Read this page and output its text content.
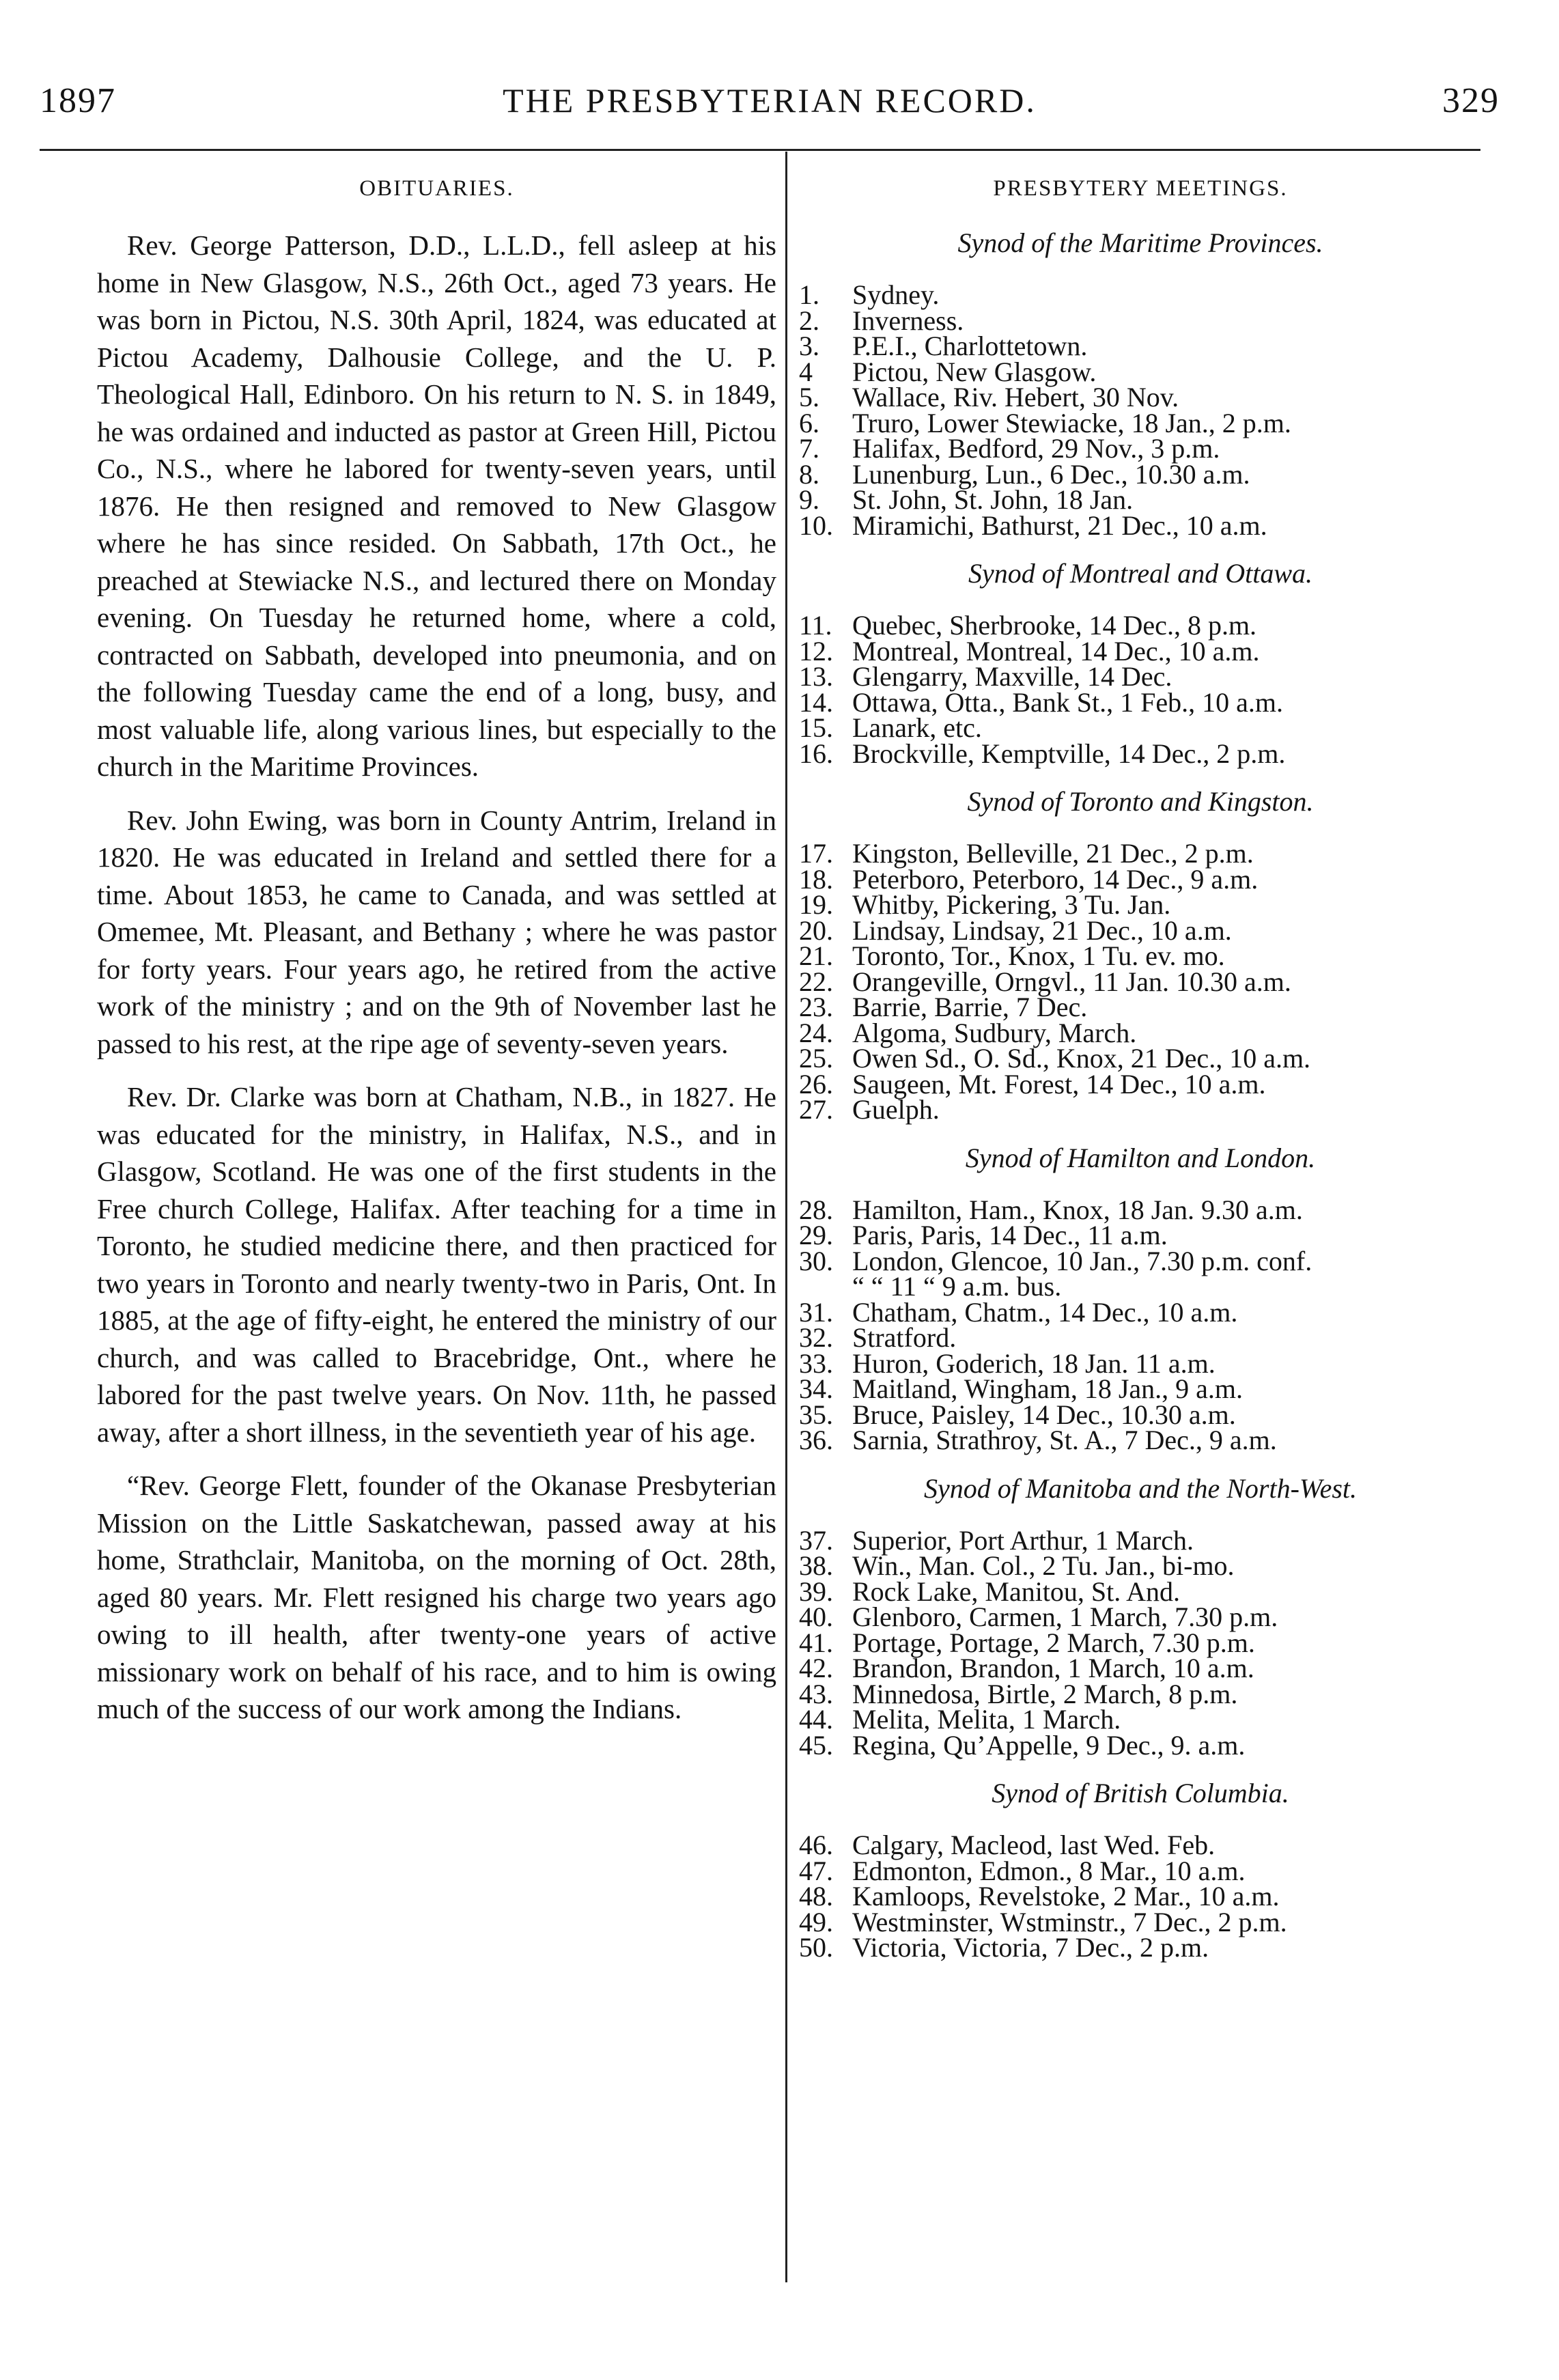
1897	THE PRESBYTERIAN RECORD.	329
OBITUARIES.

Rev. George Patterson, D.D., L.L.D., fell asleep at his home in New Glasgow, N.S., 26th Oct., aged 73 years. He was born in Pictou, N.S. 30th April, 1824, was educated at Pictou Academy, Dalhousie College, and the U. P. Theological Hall, Edinboro. On his return to N. S. in 1849, he was ordained and inducted as pastor at Green Hill, Pictou Co., N.S., where he labored for twenty-seven years, until 1876. He then resigned and removed to New Glasgow where he has since resided. On Sabbath, 17th Oct., he preached at Stewiacke N.S., and lectured there on Monday evening. On Tuesday he returned home, where a cold, contracted on Sabbath, developed into pneumonia, and on the following Tuesday came the end of a long, busy, and most valuable life, along various lines, but especially to the church in the Maritime Provinces.

Rev. John Ewing, was born in County Antrim, Ireland in 1820. He was educated in Ireland and settled there for a time. About 1853, he came to Canada, and was settled at Omemee, Mt. Pleasant, and Bethany ; where he was pastor for forty years. Four years ago, he retired from the active work of the ministry ; and on the 9th of November last he passed to his rest, at the ripe age of seventy-seven years.

Rev. Dr. Clarke was born at Chatham, N.B., in 1827. He was educated for the ministry, in Halifax, N.S., and in Glasgow, Scotland. He was one of the first students in the Free church College, Halifax. After teaching for a time in Toronto, he studied medicine there, and then practiced for two years in Toronto and nearly twenty-two in Paris, Ont. In 1885, at the age of fifty-eight, he entered the ministry of our church, and was called to Bracebridge, Ont., where he labored for the past twelve years. On Nov. 11th, he passed away, after a short illness, in the seventieth year of his age.

“Rev. George Flett, founder of the Okanase Presbyterian Mission on the Little Saskatchewan, passed away at his home, Strathclair, Manitoba, on the morning of Oct. 28th, aged 80 years. Mr. Flett resigned his charge two years ago owing to ill health, after twenty-one years of active missionary work on behalf of his race, and to him is owing much of the success of our work among the Indians.

PRESBYTERY MEETINGS.
Synod of the Maritime Provinces.
1.	Sydney.
2.	Inverness.
3.	P.E.I., Charlottetown.
4	Pictou, New Glasgow.
5.	Wallace, Riv. Hebert, 30 Nov.
6.	Truro, Lower Stewiacke, 18 Jan., 2 p.m.
7.	Halifax, Bedford, 29 Nov., 3 p.m.
8.	Lunenburg, Lun., 6 Dec., 10.30 a.m.
9.	St. John, St. John, 18 Jan.
10. Miramichi, Bathurst, 21 Dec., 10 a.m.
Synod of Montreal and Ottawa.
11. Quebec, Sherbrooke, 14 Dec., 8 p.m.
12. Montreal, Montreal, 14 Dec., 10 a.m.
13. Glengarry, Maxville, 14 Dec.
14. Ottawa, Otta., Bank St., 1 Feb., 10 a.m.
15. Lanark, etc.
16. Brockville, Kemptville, 14 Dec., 2 p.m.
Synod of Toronto and Kingston.
17. Kingston, Belleville, 21 Dec., 2 p.m.
18. Peterboro, Peterboro, 14 Dec., 9 a.m.
19. Whitby, Pickering, 3 Tu. Jan.
20. Lindsay, Lindsay, 21 Dec., 10 a.m.
21. Toronto, Tor., Knox, 1 Tu. ev. mo.
22. Orangeville, Orngvl., 11 Jan. 10.30 a.m.
23. Barrie, Barrie, 7 Dec.
24. Algoma, Sudbury, March.
25. Owen Sd., O. Sd., Knox, 21 Dec., 10 a.m.
26. Saugeen, Mt. Forest, 14 Dec., 10 a.m.
27. Guelph.
Synod of Hamilton and London.
28. Hamilton, Ham., Knox, 18 Jan. 9.30 a.m.
29. Paris, Paris, 14 Dec., 11 a.m.
30. London, Glencoe, 10 Jan., 7.30 p.m. conf.
“ “ 11 “ 9 a.m. bus.
31. Chatham, Chatm., 14 Dec., 10 a.m.
32. Stratford.
33. Huron, Goderich, 18 Jan. 11 a.m.
34. Maitland, Wingham, 18 Jan., 9 a.m.
35. Bruce, Paisley, 14 Dec., 10.30 a.m.
36. Sarnia, Strathroy, St. A., 7 Dec., 9 a.m.
Synod of Manitoba and the North-West.
37. Superior, Port Arthur, 1 March.
38. Win., Man. Col., 2 Tu. Jan., bi-mo.
39. Rock Lake, Manitou, St. And.
40. Glenboro, Carmen, 1 March, 7.30 p.m.
41. Portage, Portage, 2 March, 7.30 p.m.
42. Brandon, Brandon, 1 March, 10 a.m.
43. Minnedosa, Birtle, 2 March, 8 p.m.
44. Melita, Melita, 1 March.
45. Regina, Qu’Appelle, 9 Dec., 9. a.m.
Synod of British Columbia.
46. Calgary, Macleod, last Wed. Feb.
47. Edmonton, Edmon., 8 Mar., 10 a.m.
48. Kamloops, Revelstoke, 2 Mar., 10 a.m.
49. Westminster, Wstminstr., 7 Dec., 2 p.m.
50. Victoria, Victoria, 7 Dec., 2 p.m.
